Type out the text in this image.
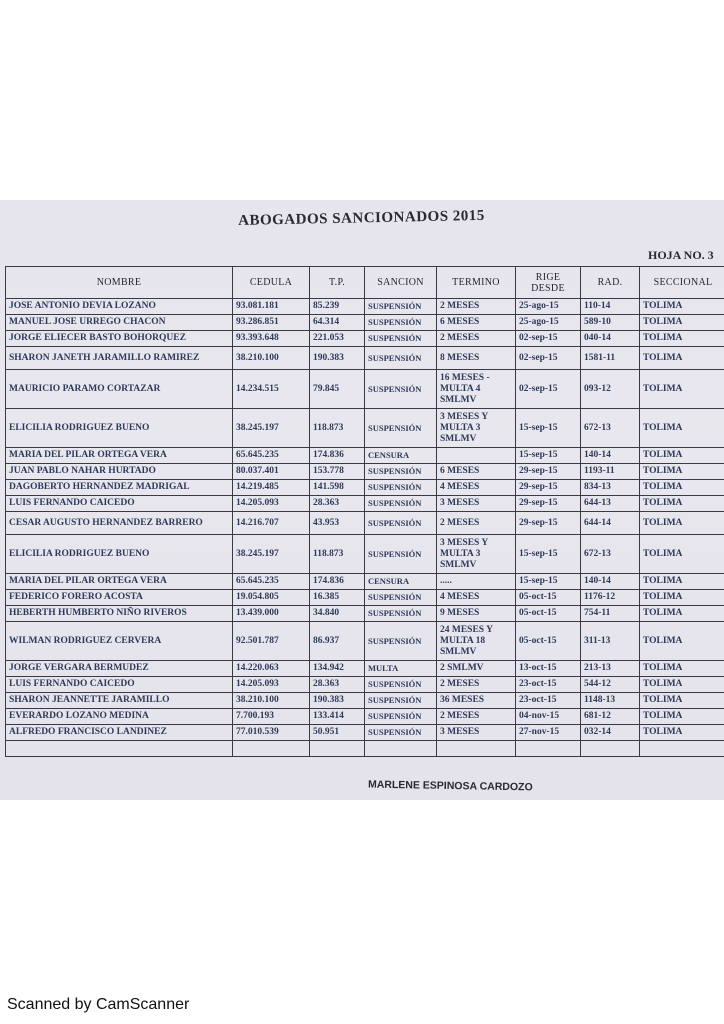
ABOGADOS SANCIONADOS 2015
HOJA NO. 3
NOMBRE	CEDULA	T.P.	SANCION	TERMINO	RIGE DESDE	RAD.	SECCIONAL
JOSE ANTONIO DEVIA LOZANO	93.081.181	85.239	SUSPENSIÓN	2 MESES	25-ago-15	110-14	TOLIMA
MANUEL JOSE URREGO CHACON	93.286.851	64.314	SUSPENSIÓN	6 MESES	25-ago-15	589-10	TOLIMA
JORGE ELIECER BASTO BOHORQUEZ	93.393.648	221.053	SUSPENSIÓN	2 MESES	02-sep-15	040-14	TOLIMA
SHARON JANETH JARAMILLO RAMIREZ	38.210.100	190.383	SUSPENSIÓN	8 MESES	02-sep-15	1581-11	TOLIMA
MAURICIO PARAMO CORTAZAR	14.234.515	79.845	SUSPENSIÓN	16 MESES - MULTA 4 SMLMV	02-sep-15	093-12	TOLIMA
ELICILIA RODRIGUEZ BUENO	38.245.197	118.873	SUSPENSIÓN	3 MESES Y MULTA 3 SMLMV	15-sep-15	672-13	TOLIMA
MARIA DEL PILAR ORTEGA VERA	65.645.235	174.836	CENSURA		15-sep-15	140-14	TOLIMA
JUAN PABLO NAHAR HURTADO	80.037.401	153.778	SUSPENSIÓN	6 MESES	29-sep-15	1193-11	TOLIMA
DAGOBERTO HERNANDEZ MADRIGAL	14.219.485	141.598	SUSPENSIÓN	4 MESES	29-sep-15	834-13	TOLIMA
LUIS FERNANDO CAICEDO	14.205.093	28.363	SUSPENSIÓN	3 MESES	29-sep-15	644-13	TOLIMA
CESAR AUGUSTO HERNANDEZ BARRERO	14.216.707	43.953	SUSPENSIÓN	2 MESES	29-sep-15	644-14	TOLIMA
ELICILIA RODRIGUEZ BUENO	38.245.197	118.873	SUSPENSIÓN	3 MESES Y MULTA 3 SMLMV	15-sep-15	672-13	TOLIMA
MARIA DEL PILAR ORTEGA VERA	65.645.235	174.836	CENSURA	.....	15-sep-15	140-14	TOLIMA
FEDERICO FORERO ACOSTA	19.054.805	16.385	SUSPENSIÓN	4 MESES	05-oct-15	1176-12	TOLIMA
HEBERTH HUMBERTO NIÑO RIVEROS	13.439.000	34.840	SUSPENSIÓN	9 MESES	05-oct-15	754-11	TOLIMA
WILMAN RODRIGUEZ CERVERA	92.501.787	86.937	SUSPENSIÓN	24 MESES Y MULTA 18 SMLMV	05-oct-15	311-13	TOLIMA
JORGE VERGARA BERMUDEZ	14.220.063	134.942	MULTA	2 SMLMV	13-oct-15	213-13	TOLIMA
LUIS FERNANDO CAICEDO	14.205.093	28.363	SUSPENSIÓN	2 MESES	23-oct-15	544-12	TOLIMA
SHARON JEANNETTE JARAMILLO	38.210.100	190.383	SUSPENSIÓN	36 MESES	23-oct-15	1148-13	TOLIMA
EVERARDO LOZANO MEDINA	7.700.193	133.414	SUSPENSIÓN	2 MESES	04-nov-15	681-12	TOLIMA
ALFREDO FRANCISCO LANDINEZ	77.010.539	50.951	SUSPENSIÓN	3 MESES	27-nov-15	032-14	TOLIMA

MARLENE ESPINOSA CARDOZO
Scanned by CamScanner
